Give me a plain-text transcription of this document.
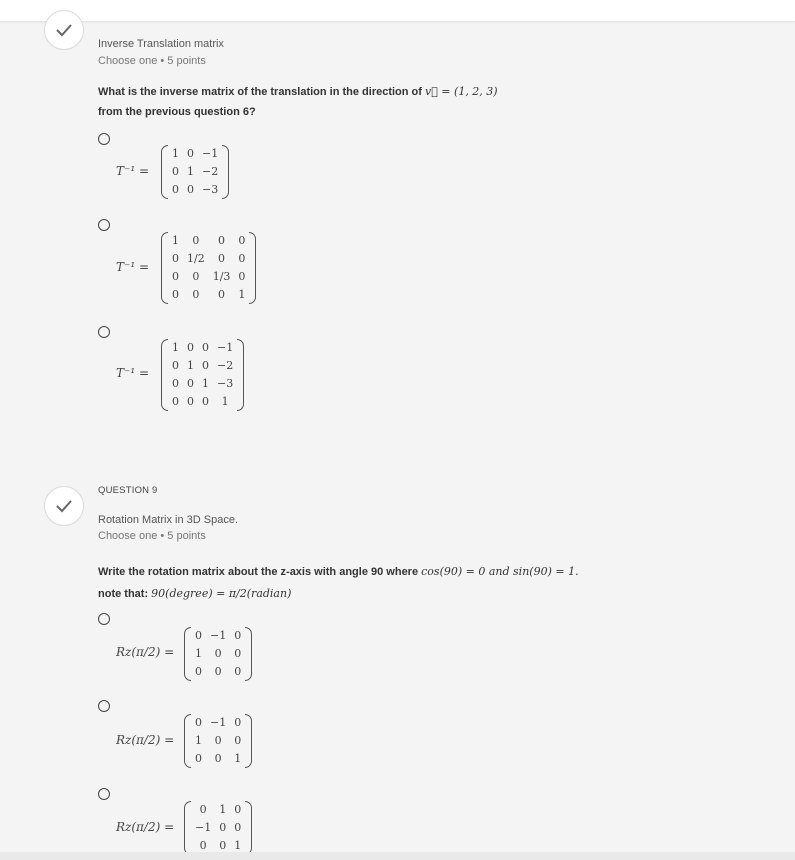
Inverse Translation matrix
Choose one • 5 points
What is the inverse matrix of the translation in the direction of v⃗ = (1, 2, 3)
from the previous question 6?
T⁻¹ =
1	0	−1
0	1	−2
0	0	−3
T⁻¹ =
1	0	0	0
0	1/2	0	0
0	0	1/3	0
0	0	0	1
T⁻¹ =
1	0	0	−1
0	1	0	−2
0	0	1	−3
0	0	0	1
QUESTION 9
Rotation Matrix in 3D Space.
Choose one • 5 points
Write the rotation matrix about the z-axis with angle 90 where cos(90) = 0 and sin(90) = 1.
note that: 90(degree) = π/2(radian)
Rz(π/2) =
0	−1	0
1	0	0
0	0	0
Rz(π/2) =
0	−1	0
1	0	0
0	0	1
Rz(π/2) =
0	1	0
−1	0	0
0	0	1
